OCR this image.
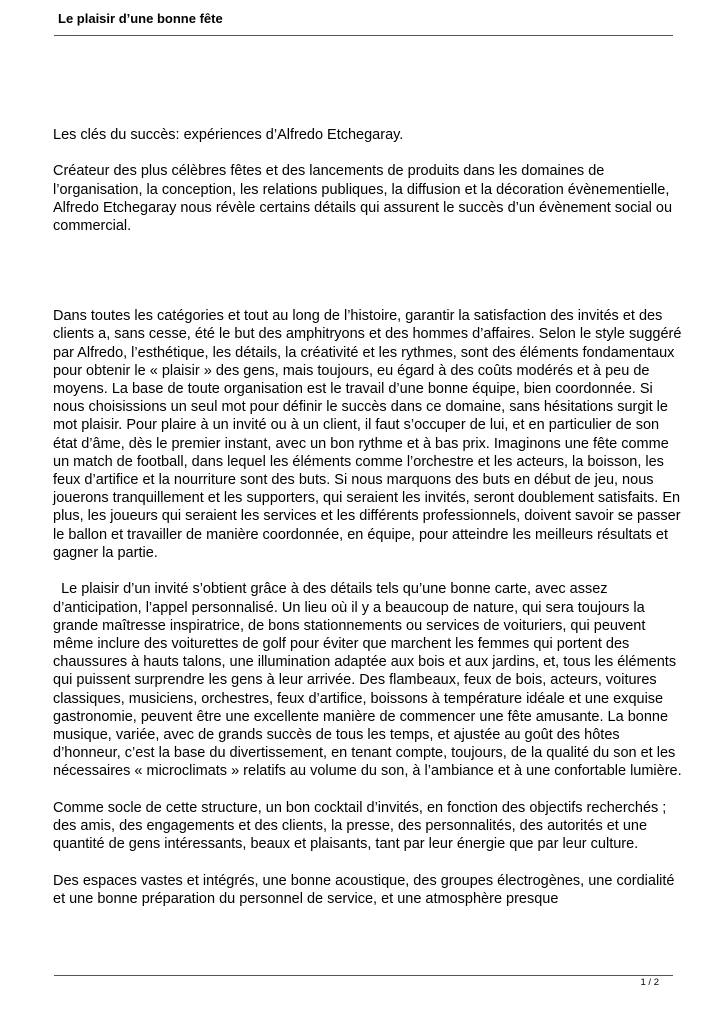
Le plaisir d’une bonne fête

Les clés du succès: expériences d’Alfredo Etchegaray.

Créateur des plus célèbres fêtes et des lancements de produits dans les domaines de l’organisation, la conception, les relations publiques, la diffusion et la décoration évènementielle, Alfredo Etchegaray nous révèle certains détails qui assurent le succès d’un évènement social ou commercial.

Dans toutes les catégories et tout au long de l’histoire, garantir la satisfaction des invités et des clients a, sans cesse, été le but des amphitryons et des hommes d’affaires. Selon le style suggéré par Alfredo, l’esthétique, les détails, la créativité et les rythmes, sont des éléments fondamentaux pour obtenir le « plaisir » des gens, mais toujours, eu égard à des coûts modérés et à peu de moyens. La base de toute organisation est le travail d’une bonne équipe, bien coordonnée. Si nous choisissions un seul mot pour définir le succès dans ce domaine, sans hésitations surgit le mot plaisir. Pour plaire à un invité ou à un client, il faut s’occuper de lui, et en particulier de son état d’âme, dès le premier instant, avec un bon rythme et à bas prix. Imaginons une fête comme un match de football, dans lequel les éléments comme l’orchestre et les acteurs, la boisson, les feux d’artifice et la nourriture sont des buts. Si nous marquons des buts en début de jeu, nous jouerons tranquillement et les supporters, qui seraient les invités, seront doublement satisfaits. En plus, les joueurs qui seraient les services et les différents professionnels, doivent savoir se passer le ballon et travailler de manière coordonnée, en équipe, pour atteindre les meilleurs résultats et gagner la partie.

Le plaisir d’un invité s’obtient grâce à des détails tels qu’une bonne carte, avec assez d’anticipation, l’appel personnalisé. Un lieu où il y a beaucoup de nature, qui sera toujours la grande maîtresse inspiratrice, de bons stationnements ou services de voituriers, qui peuvent même inclure des voiturettes de golf pour éviter que marchent les femmes qui portent des chaussures à hauts talons, une illumination adaptée aux bois et aux jardins, et, tous les éléments qui puissent surprendre les gens à leur arrivée. Des flambeaux, feux de bois, acteurs, voitures classiques, musiciens, orchestres, feux d’artifice, boissons à température idéale et une exquise gastronomie, peuvent être une excellente manière de commencer une fête amusante. La bonne musique, variée, avec de grands succès de tous les temps, et ajustée au goût des hôtes d’honneur, c’est la base du divertissement, en tenant compte, toujours, de la qualité du son et les nécessaires « microclimats » relatifs au volume du son, à l’ambiance et à une confortable lumière.

Comme socle de cette structure, un bon cocktail d’invités, en fonction des objectifs recherchés ; des amis, des engagements et des clients, la presse, des personnalités, des autorités et une quantité de gens intéressants, beaux et plaisants, tant par leur énergie que par leur culture.

Des espaces vastes et intégrés, une bonne acoustique, des groupes électrogènes, une cordialité et une bonne préparation du personnel de service, et une atmosphère presque

1 / 2
